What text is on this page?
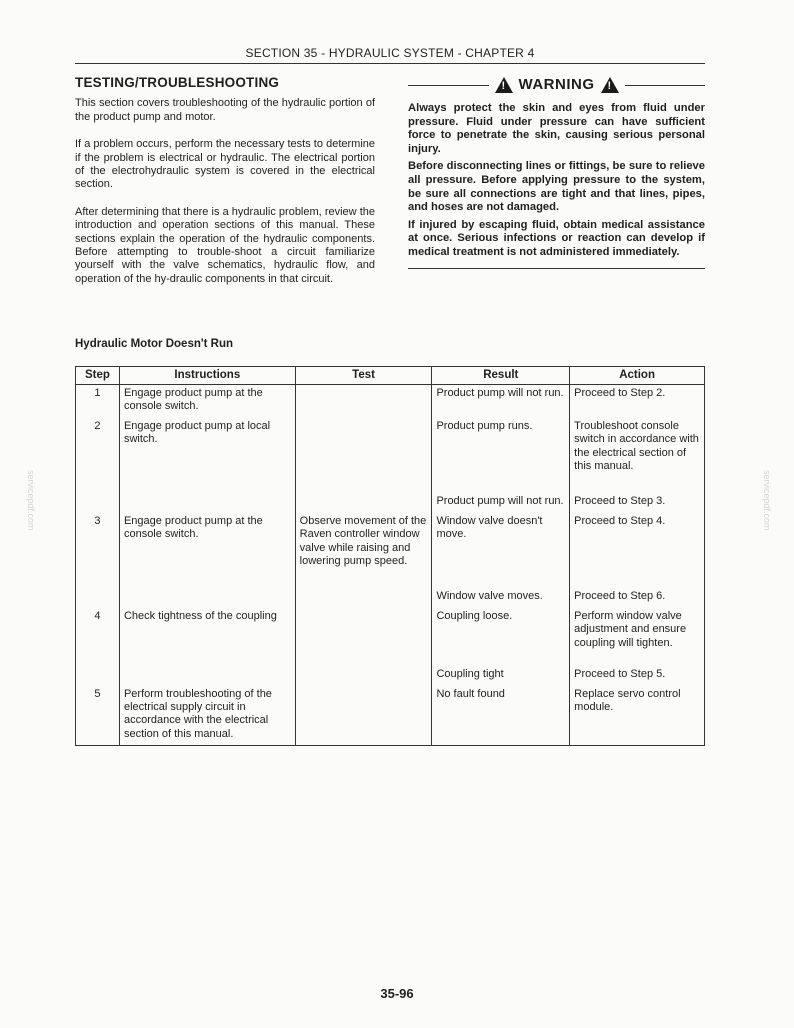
SECTION 35 - HYDRAULIC SYSTEM - CHAPTER 4
TESTING/TROUBLESHOOTING

This section covers troubleshooting of the hydraulic portion of the product pump and motor.

If a problem occurs, perform the necessary tests to determine if the problem is electrical or hydraulic. The electrical portion of the electrohydraulic system is covered in the electrical section.

After determining that there is a hydraulic problem, review the introduction and operation sections of this manual. These sections explain the operation of the hydraulic components. Before attempting to trouble-shoot a circuit familiarize yourself with the valve schematics, hydraulic flow, and operation of the hy-draulic components in that circuit.

!
WARNING
!

Always protect the skin and eyes from fluid under pressure. Fluid under pressure can have sufficient force to penetrate the skin, causing serious personal injury.

Before disconnecting lines or fittings, be sure to relieve all pressure. Before applying pressure to the system, be sure all connections are tight and that lines, pipes, and hoses are not damaged.

If injured by escaping fluid, obtain medical assistance at once. Serious infections or reaction can develop if medical treatment is not administered immediately.

Hydraulic Motor Doesn't Run
Step	Instructions	Test	Result	Action
1	Engage product pump at the console switch.		Product pump will not run.	Proceed to Step 2.
2	Engage product pump at local switch.		Product pump runs.	Troubleshoot console switch in accordance with the electrical section of this manual.
			Product pump will not run.	Proceed to Step 3.
3	Engage product pump at the console switch.	Observe movement of the Raven controller window valve while raising and lowering pump speed.	Window valve doesn't move.	Proceed to Step 4.
			Window valve moves.	Proceed to Step 6.
4	Check tightness of the coupling		Coupling loose.	Perform window valve adjustment and ensure coupling will tighten.
			Coupling tight	Proceed to Step 5.
5	Perform troubleshooting of the electrical supply circuit in accordance with the electrical section of this manual.		No fault found	Replace servo control module.
35-96
servicepdf.com	servicepdf.com
